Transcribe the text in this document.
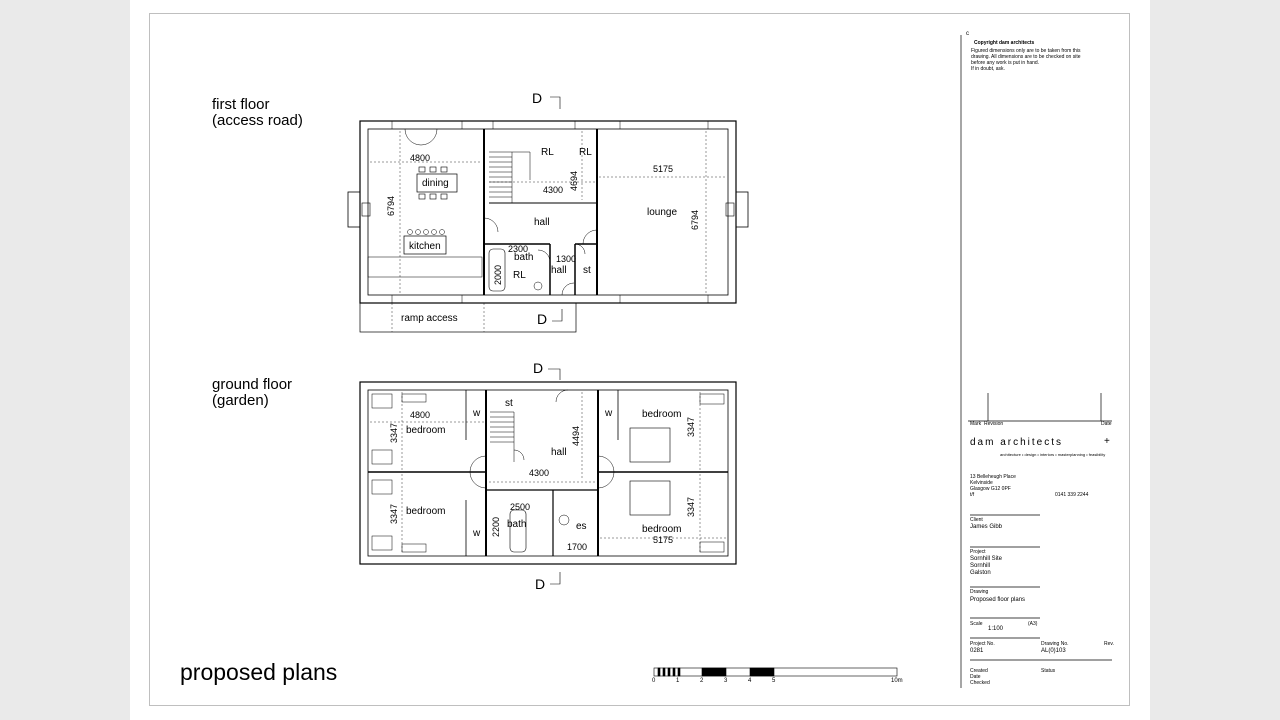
first floor
(access road)
ground floor
(garden)
proposed plans
D
D
dining
kitchen
hall
lounge
bath
hall st
RL	RL
RL
ramp access
4800
6794
4300 4694
5175
6794
2300
1300
2000
D
D
4800
bedroom
bedroom
bedroom
bedroom
st
hall
bath	es
w
w
w
3347
3347
4494
4300
3347
3347
2500
2200
1700
5175
0	1	2	3	4	5	10m
c
Copyright dam architects
Figured dimensions only are to be taken from this
drawing. All dimensions are to be checked on site
before any work is put in hand.
If in doubt, ask.
Mark Revision	Date
dam architects	+
architecture • design • interiors • masterplanning • feasibility
13 Belleheugh Place
Kelvinside
Glasgow G12 0PF
t/f	0141 339 2244
Client
James Gibb
Project
Sornhill Site
Sornhill
Galston
Drawing
Proposed floor plans
Scale	(A3)
1:100
Project No.
0281
Drawing No.
AL(0)103
Rev.
Created
Date
Checked
Status
